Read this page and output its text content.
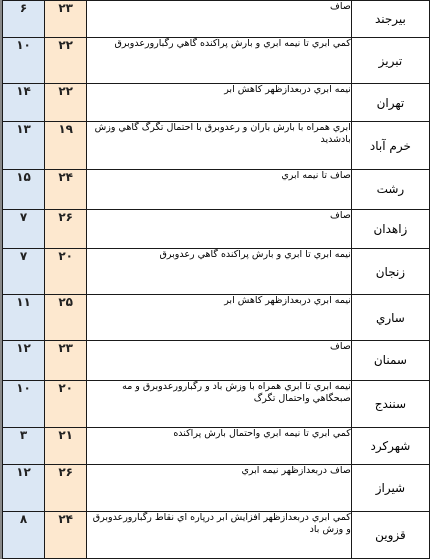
بیرجند	صاف	۲۳	۶
تبریز	کمي ابري تا نيمه ابري و بارش پراکنده گاهي رگبارورعدوبرق	۲۲	۱۰
تهران	نيمه ابري دربعدازظهر کاهش ابر	۲۲	۱۴
خرم آباد	ابري همراه با بارش باران و رعدوبرق با احتمال تگرگ گاهي وزش بادشديد	۱۹	۱۳
رشت	صاف تا نيمه ابري	۲۴	۱۵
زاهدان	صاف	۲۶	۷
زنجان	نيمه ابري تا ابري و بارش پراکنده گاهي رعدوبرق	۲۰	۷
ساري	نيمه ابري دربعدازظهر کاهش ابر	۲۵	۱۱
سمنان	صاف	۲۳	۱۲
سنندج	نيمه ابري تا ابري همراه با وزش باد و رگبارورعدوبرق و مه صبحگاهي واحتمال تگرگ	۲۰	۱۰
شهرکرد	کمي ابري تا نيمه ابري واحتمال بارش پراکنده	۲۱	۳
شيراز	صاف دربعدازظهر نيمه ابري	۲۶	۱۲
قزوين	کمي ابري دربعدازظهر افزايش ابر درپاره اي نقاط رگبارورعدوبرق و وزش باد	۲۴	۸
